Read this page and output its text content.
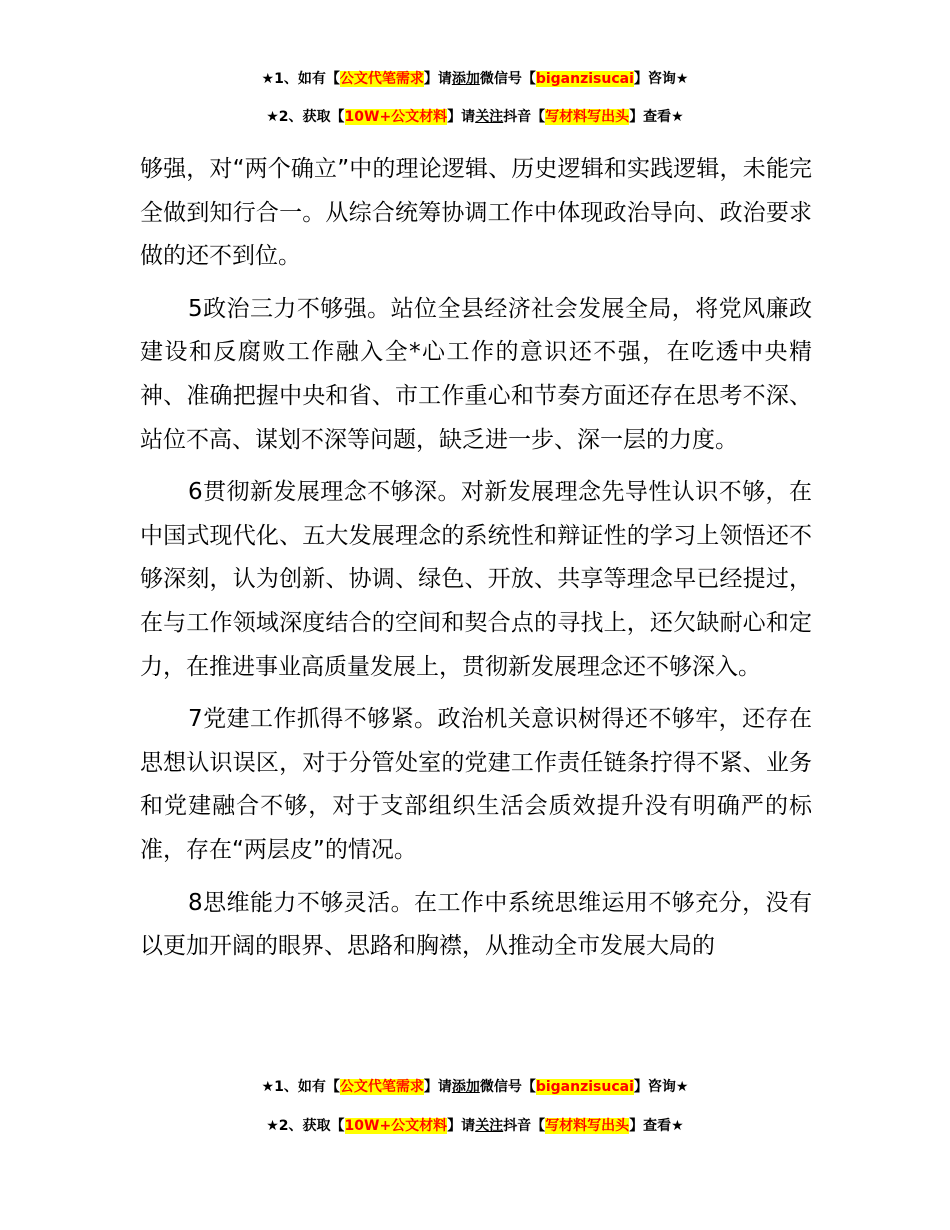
★1、如有【公文代笔需求】请添加微信号【biganzisucai】咨询★
★2、获取【10W+公文材料】请关注抖音【写材料写出头】查看★

够强，对“两个确立”中的理论逻辑、历史逻辑和实践逻辑，未能完全做到知行合一。从综合统筹协调工作中体现政治导向、政治要求做的还不到位。

5政治三力不够强。站位全县经济社会发展全局，将党风廉政建设和反腐败工作融入全*心工作的意识还不强，在吃透中央精神、准确把握中央和省、市工作重心和节奏方面还存在思考不深、站位不高、谋划不深等问题，缺乏进一步、深一层的力度。

6贯彻新发展理念不够深。对新发展理念先导性认识不够，在中国式现代化、五大发展理念的系统性和辩证性的学习上领悟还不够深刻，认为创新、协调、绿色、开放、共享等理念早已经提过，在与工作领域深度结合的空间和契合点的寻找上，还欠缺耐心和定力，在推进事业高质量发展上，贯彻新发展理念还不够深入。

7党建工作抓得不够紧。政治机关意识树得还不够牢，还存在思想认识误区，对于分管处室的党建工作责任链条拧得不紧、业务和党建融合不够，对于支部组织生活会质效提升没有明确严的标准，存在“两层皮”的情况。

8思维能力不够灵活。在工作中系统思维运用不够充分，没有以更加开阔的眼界、思路和胸襟，从推动全市发展大局的

★1、如有【公文代笔需求】请添加微信号【biganzisucai】咨询★
★2、获取【10W+公文材料】请关注抖音【写材料写出头】查看★
